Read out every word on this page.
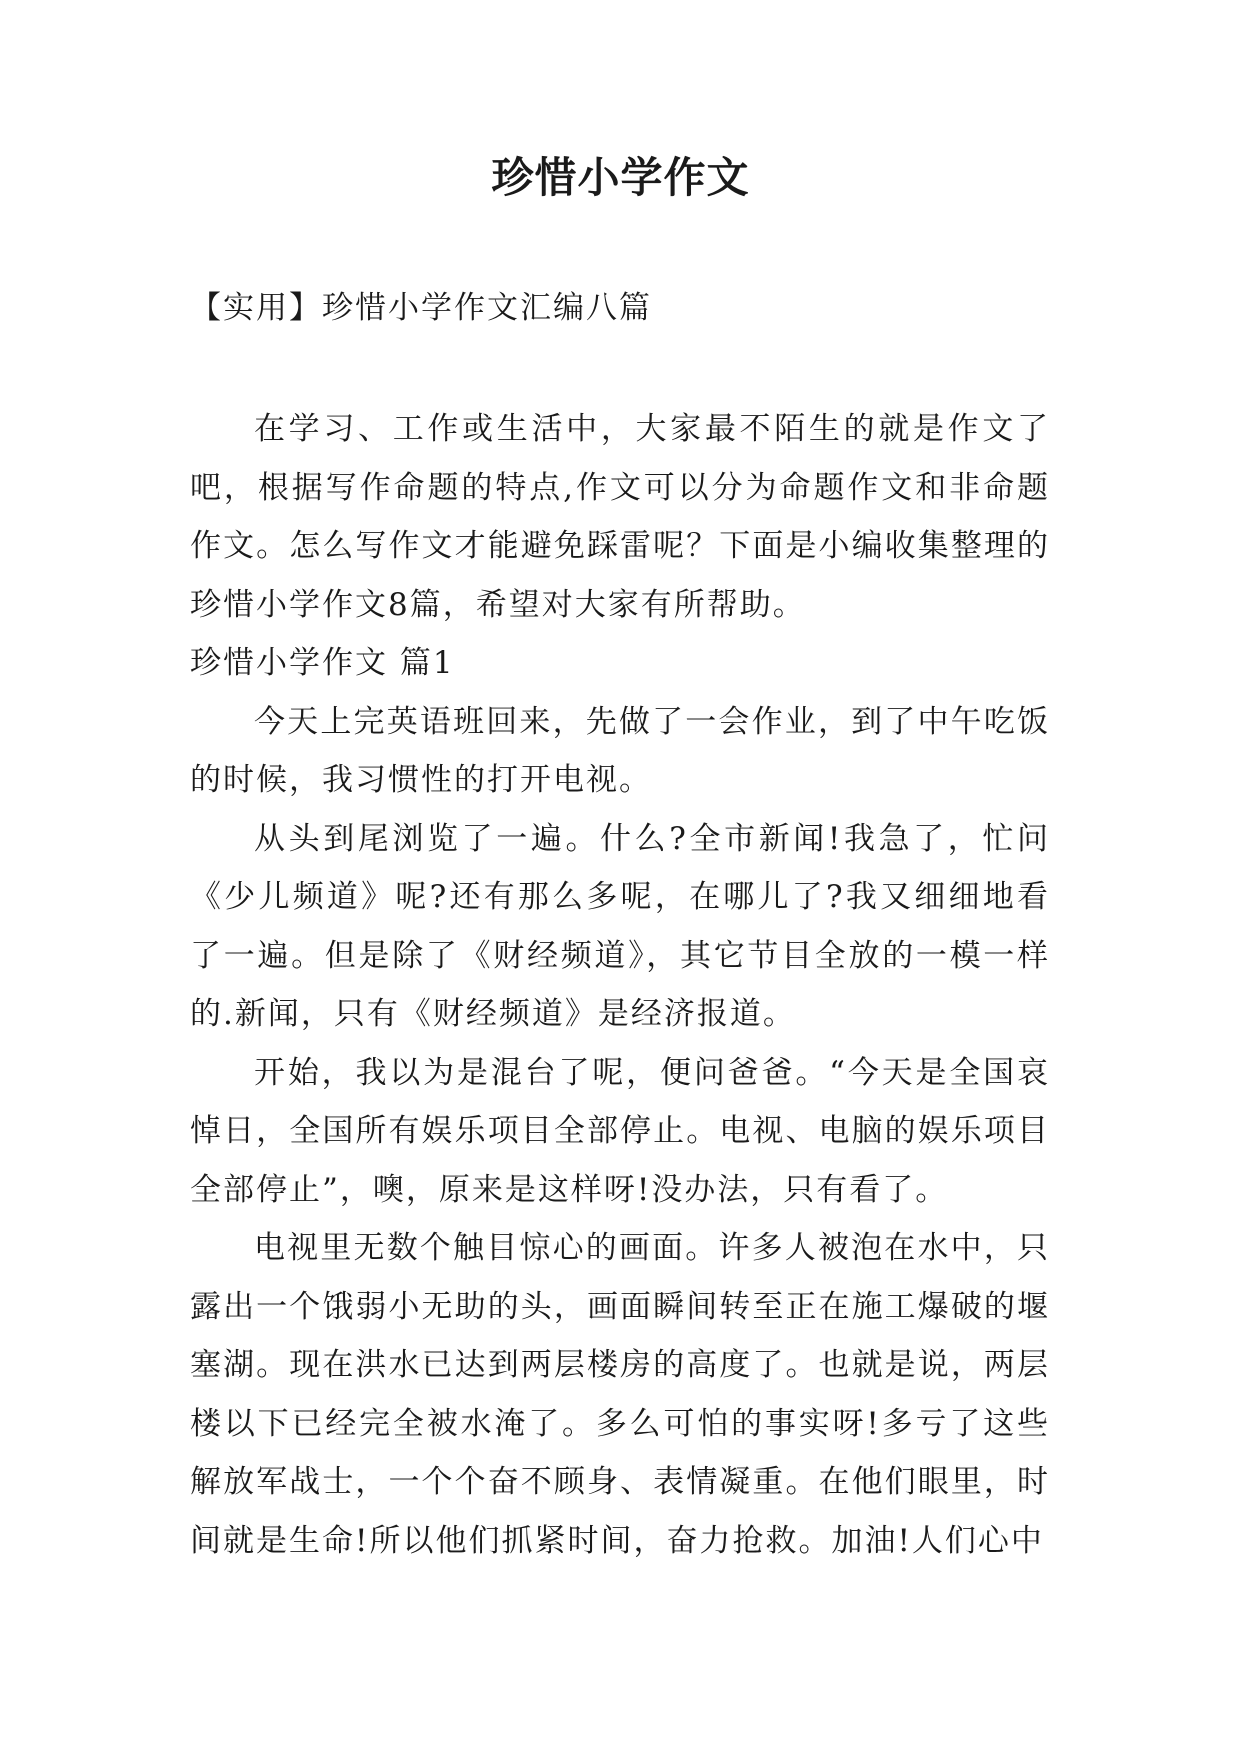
珍惜小学作文
【实用】珍惜小学作文汇编八篇

在学习、工作或生活中，大家最不陌生的就是作文了吧，根据写作命题的特点,作文可以分为命题作文和非命题作文。怎么写作文才能避免踩雷呢？下面是小编收集整理的珍惜小学作文8篇，希望对大家有所帮助。

珍惜小学作文 篇1

今天上完英语班回来，先做了一会作业，到了中午吃饭的时候，我习惯性的打开电视。

从头到尾浏览了一遍。什么?全市新闻!我急了，忙问《少儿频道》呢?还有那么多呢，在哪儿了?我又细细地看了一遍。但是除了《财经频道》，其它节目全放的一模一样的.新闻，只有《财经频道》是经济报道。

开始，我以为是混台了呢，便问爸爸。“今天是全国哀悼日，全国所有娱乐项目全部停止。电视、电脑的娱乐项目全部停止”，噢，原来是这样呀!没办法，只有看了。

电视里无数个触目惊心的画面。许多人被泡在水中，只露出一个饿弱小无助的头，画面瞬间转至正在施工爆破的堰塞湖。现在洪水已达到两层楼房的高度了。也就是说，两层楼以下已经完全被水淹了。多么可怕的事实呀!多亏了这些解放军战士，一个个奋不顾身、表情凝重。在他们眼里，时间就是生命!所以他们抓紧时间，奋力抢救。加油!人们心中
